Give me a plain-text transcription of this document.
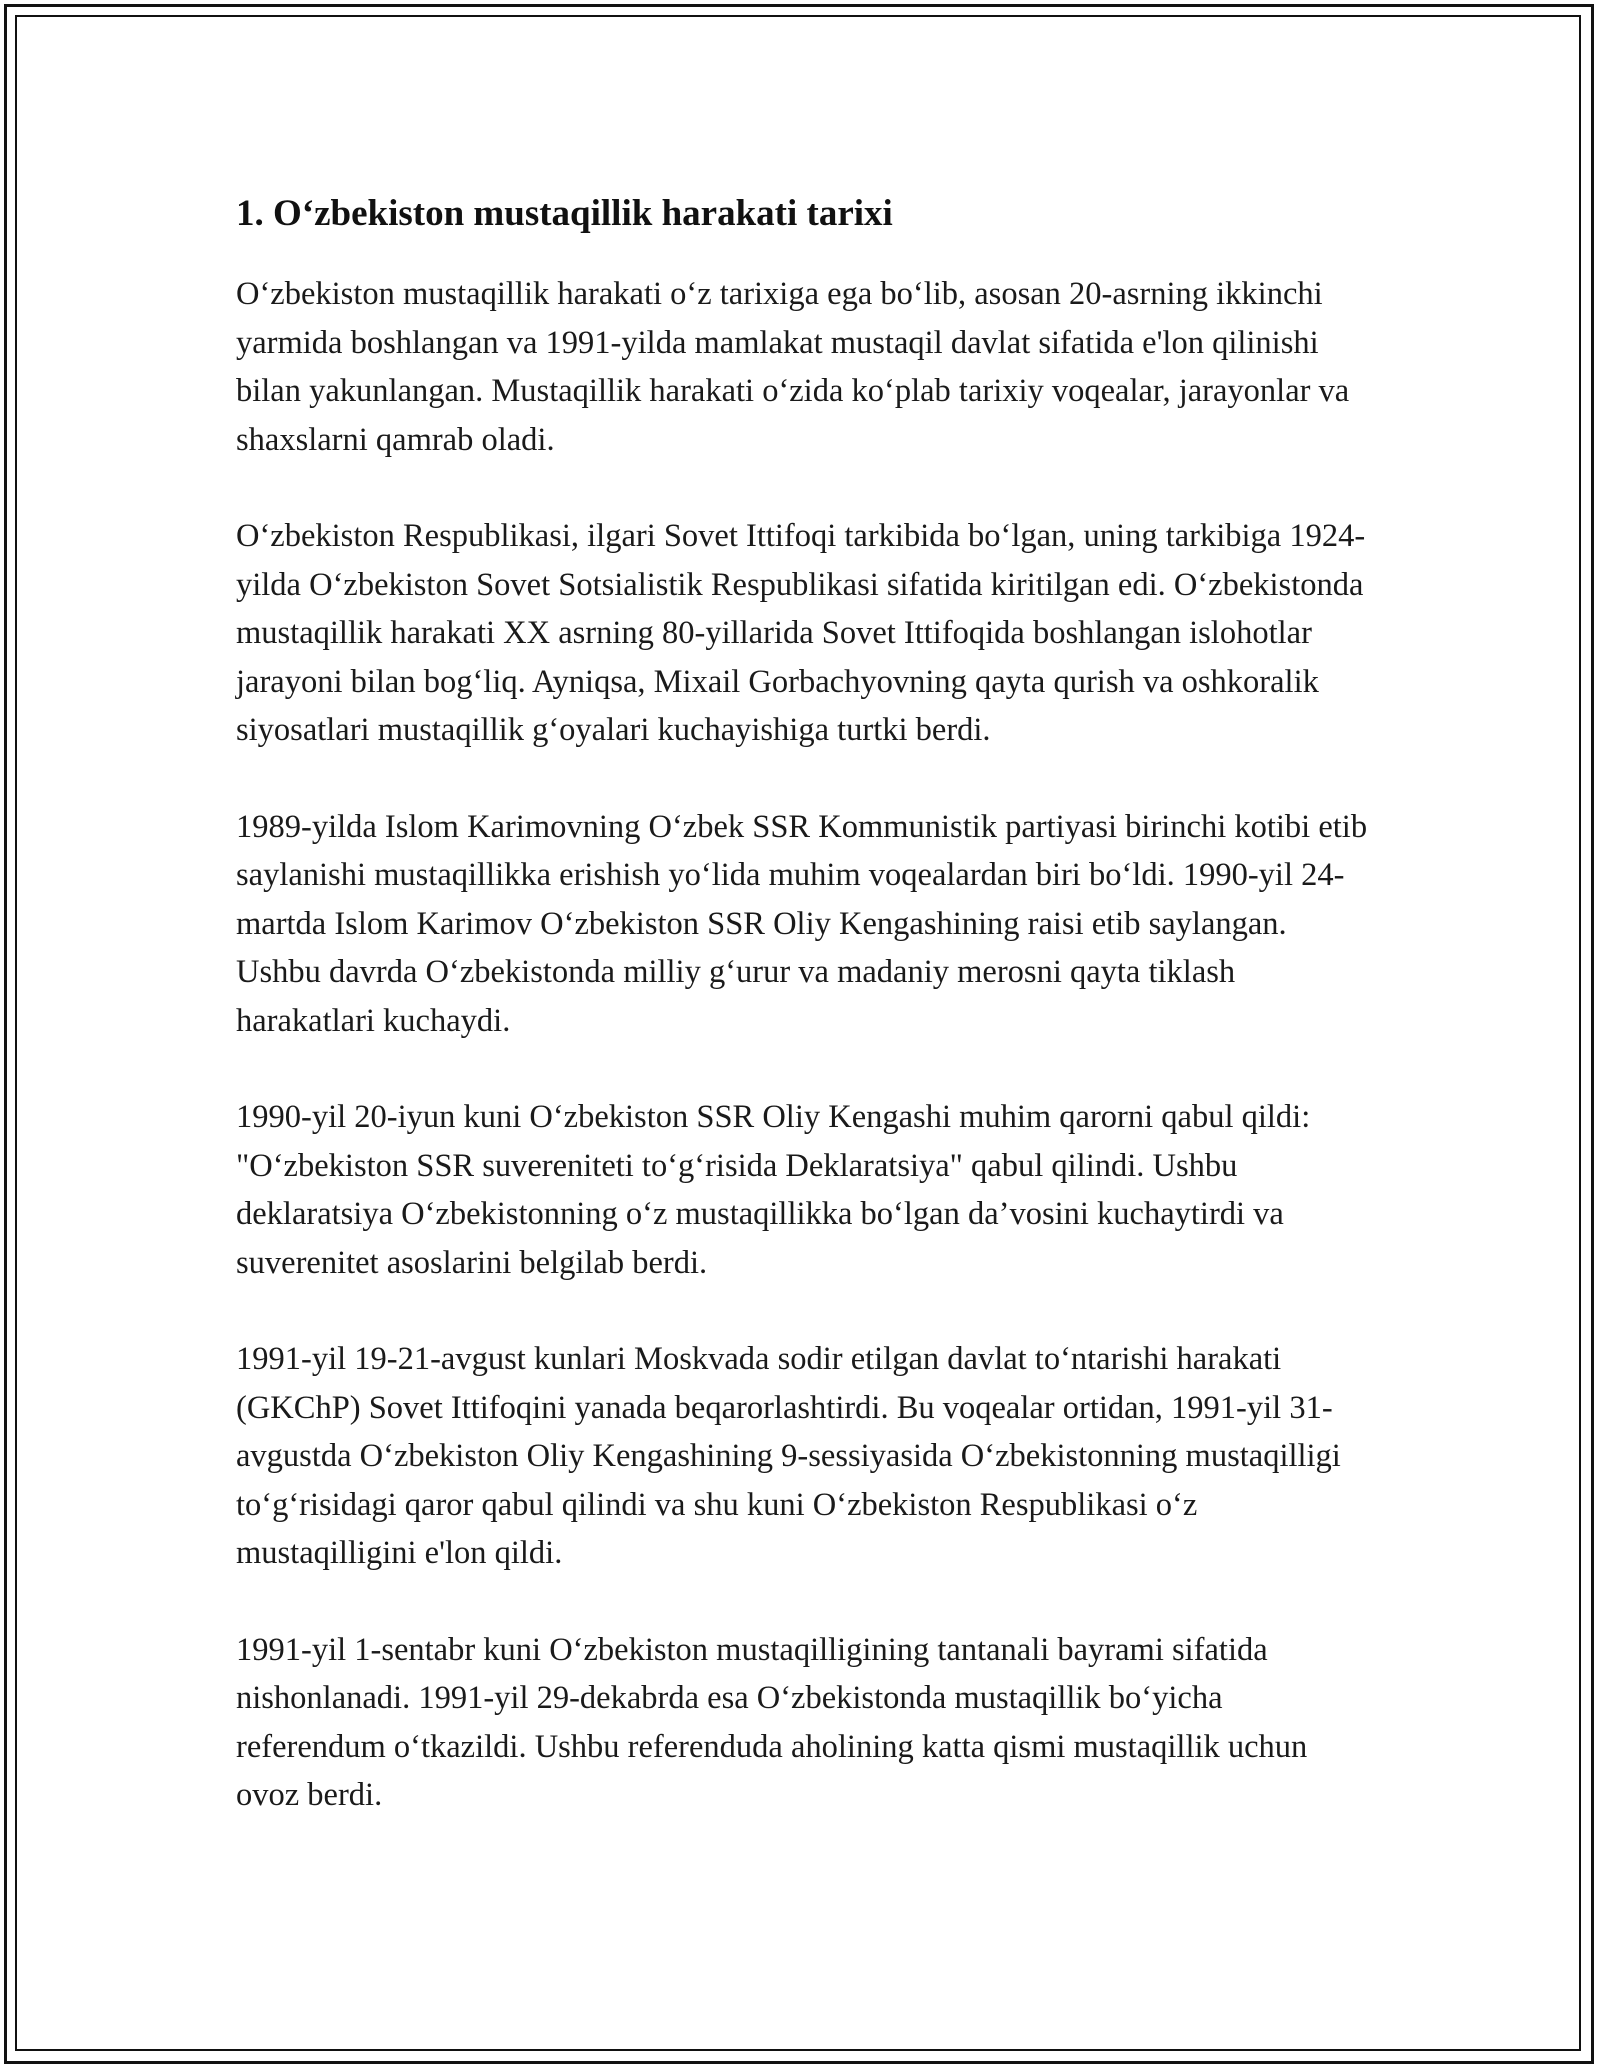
1. O‘zbekiston mustaqillik harakati tarixi

O‘zbekiston mustaqillik harakati o‘z tarixiga ega bo‘lib, asosan 20-asrning ikkinchi yarmida boshlangan va 1991-yilda mamlakat mustaqil davlat sifatida e'lon qilinishi bilan yakunlangan. Mustaqillik harakati o‘zida ko‘plab tarixiy voqealar, jarayonlar va shaxslarni qamrab oladi.

O‘zbekiston Respublikasi, ilgari Sovet Ittifoqi tarkibida bo‘lgan, uning tarkibiga 1924-yilda O‘zbekiston Sovet Sotsialistik Respublikasi sifatida kiritilgan edi. O‘zbekistonda mustaqillik harakati XX asrning 80-yillarida Sovet Ittifoqida boshlangan islohotlar jarayoni bilan bog‘liq. Ayniqsa, Mixail Gorbachyovning qayta qurish va oshkoralik siyosatlari mustaqillik g‘oyalari kuchayishiga turtki berdi.

1989-yilda Islom Karimovning O‘zbek SSR Kommunistik partiyasi birinchi kotibi etib saylanishi mustaqillikka erishish yo‘lida muhim voqealardan biri bo‘ldi. 1990-yil 24-martda Islom Karimov O‘zbekiston SSR Oliy Kengashining raisi etib saylangan. Ushbu davrda O‘zbekistonda milliy g‘urur va madaniy merosni qayta tiklash harakatlari kuchaydi.

1990-yil 20-iyun kuni O‘zbekiston SSR Oliy Kengashi muhim qarorni qabul qildi: "O‘zbekiston SSR suvereniteti to‘g‘risida Deklaratsiya" qabul qilindi. Ushbu deklaratsiya O‘zbekistonning o‘z mustaqillikka bo‘lgan da’vosini kuchaytirdi va suverenitet asoslarini belgilab berdi.

1991-yil 19-21-avgust kunlari Moskvada sodir etilgan davlat to‘ntarishi harakati (GKChP) Sovet Ittifoqini yanada beqarorlashtirdi. Bu voqealar ortidan, 1991-yil 31-avgustda O‘zbekiston Oliy Kengashining 9-sessiyasida O‘zbekistonning mustaqilligi to‘g‘risidagi qaror qabul qilindi va shu kuni O‘zbekiston Respublikasi o‘z mustaqilligini e'lon qildi.

1991-yil 1-sentabr kuni O‘zbekiston mustaqilligining tantanali bayrami sifatida nishonlanadi. 1991-yil 29-dekabrda esa O‘zbekistonda mustaqillik bo‘yicha referendum o‘tkazildi. Ushbu referenduda aholining katta qismi mustaqillik uchun ovoz berdi.
